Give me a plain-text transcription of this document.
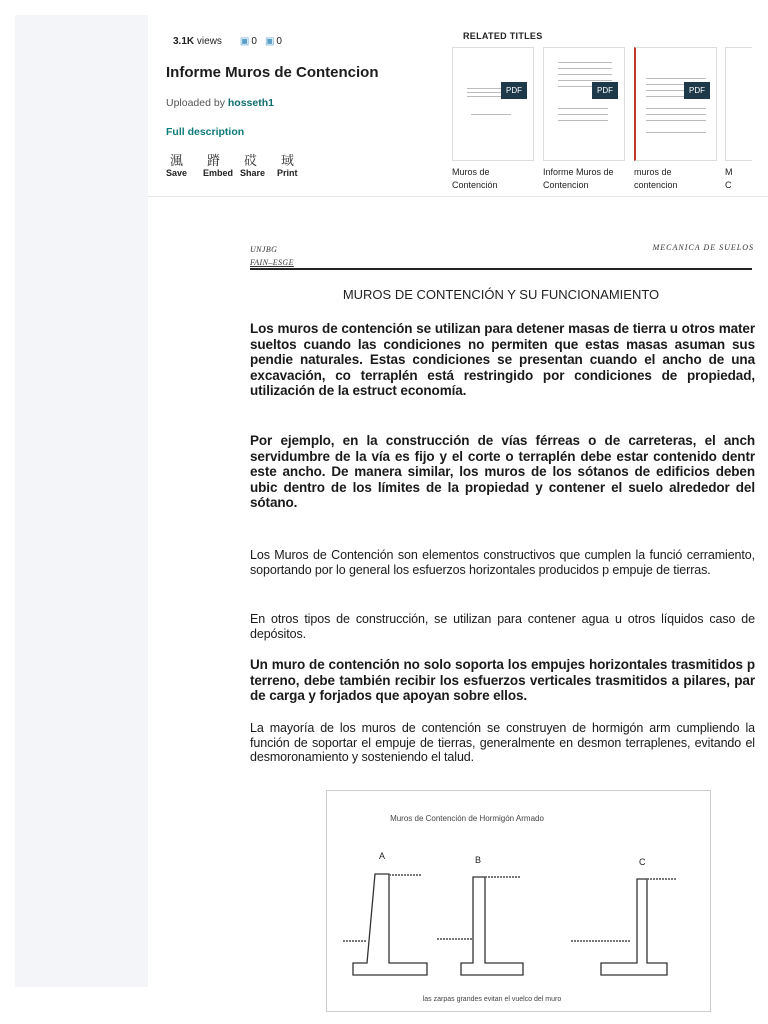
3.1K views ▣ 0 ▣ 0
Informe Muros de Contencion
Uploaded by hosseth1
Full description
渢
Save
蹐
Embed
砹
Share
琙
Print
RELATED TITLES
PDF
Muros de
Contención
PDF
Informe Muros de
Contencion
PDF
muros de
contencion
M
C
UNJBG
FAIN–ESGE
MECANICA DE SUELOS
MUROS DE CONTENCIÓN Y SU FUNCIONAMIENTO
Los muros de contención se utilizan para detener masas de tierra u otros mater sueltos cuando las condiciones no permiten que estas masas asuman sus pendie naturales. Estas condiciones se presentan cuando el ancho de una excavación, co terraplén está restringido por condiciones de propiedad, utilización de la estruct economía.
Por ejemplo, en la construcción de vías férreas o de carreteras, el anch servidumbre de la vía es fijo y el corte o terraplén debe estar contenido dentr este ancho. De manera similar, los muros de los sótanos de edificios deben ubic dentro de los límites de la propiedad y contener el suelo alrededor del sótano.
Los Muros de Contención son elementos constructivos que cumplen la funció cerramiento, soportando por lo general los esfuerzos horizontales producidos p empuje de tierras.
En otros tipos de construcción, se utilizan para contener agua u otros líquidos caso de depósitos.
Un muro de contención no solo soporta los empujes horizontales trasmitidos p terreno, debe también recibir los esfuerzos verticales trasmitidos a pilares, par de carga y forjados que apoyan sobre ellos.
La mayoría de los muros de contención se construyen de hormigón arm cumpliendo la función de soportar el empuje de tierras, generalmente en desmon terraplenes, evitando el desmoronamiento y sosteniendo el talud.
Muros de Contención de Hormigón Armado
A	B	C
las zarpas grandes evitan el vuelco del muro
